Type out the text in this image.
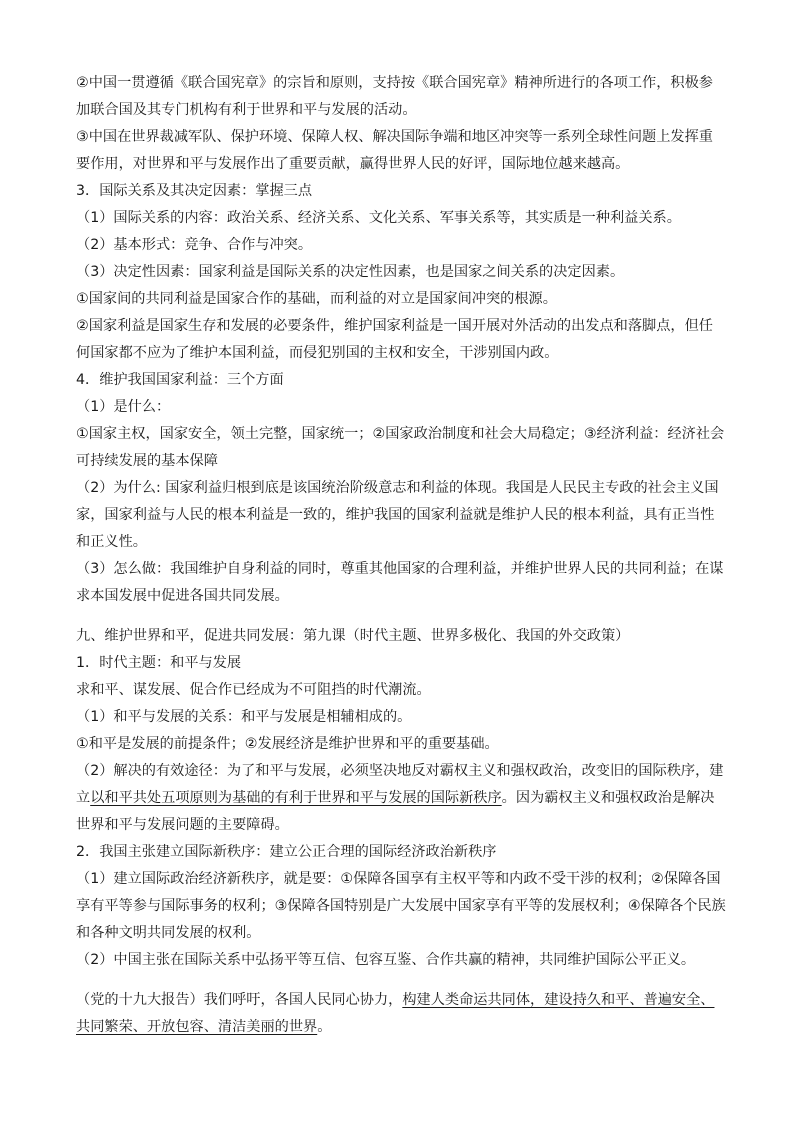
②中国一贯遵循《联合国宪章》的宗旨和原则，支持按《联合国宪章》精神所进行的各项工作，积极参加联合国及其专门机构有利于世界和平与发展的活动。

③中国在世界裁减军队、保护环境、保障人权、解决国际争端和地区冲突等一系列全球性问题上发挥重要作用，对世界和平与发展作出了重要贡献，赢得世界人民的好评，国际地位越来越高。

3．国际关系及其决定因素：掌握三点

（1）国际关系的内容：政治关系、经济关系、文化关系、军事关系等，其实质是一种利益关系。

（2）基本形式：竞争、合作与冲突。

（3）决定性因素：国家利益是国际关系的决定性因素，也是国家之间关系的决定因素。

①国家间的共同利益是国家合作的基础，而利益的对立是国家间冲突的根源。

②国家利益是国家生存和发展的必要条件，维护国家利益是一国开展对外活动的出发点和落脚点，但任何国家都不应为了维护本国利益，而侵犯别国的主权和安全，干涉别国内政。

4．维护我国国家利益：三个方面

（1）是什么：

①国家主权，国家安全，领土完整，国家统一；②国家政治制度和社会大局稳定；③经济利益：经济社会可持续发展的基本保障

（2）为什么: 国家利益归根到底是该国统治阶级意志和利益的体现。我国是人民民主专政的社会主义国家，国家利益与人民的根本利益是一致的，维护我国的国家利益就是维护人民的根本利益，具有正当性和正义性。

（3）怎么做：我国维护自身利益的同时，尊重其他国家的合理利益，并维护世界人民的共同利益；在谋求本国发展中促进各国共同发展。

九、维护世界和平，促进共同发展：第九课（时代主题、世界多极化、我国的外交政策）

1．时代主题：和平与发展

求和平、谋发展、促合作已经成为不可阻挡的时代潮流。

（1）和平与发展的关系：和平与发展是相辅相成的。

①和平是发展的前提条件；②发展经济是维护世界和平的重要基础。

（2）解决的有效途径：为了和平与发展，必须坚决地反对霸权主义和强权政治，改变旧的国际秩序，建立以和平共处五项原则为基础的有利于世界和平与发展的国际新秩序。因为霸权主义和强权政治是解决世界和平与发展问题的主要障碍。

2．我国主张建立国际新秩序：建立公正合理的国际经济政治新秩序

（1）建立国际政治经济新秩序，就是要：①保障各国享有主权平等和内政不受干涉的权利；②保障各国享有平等参与国际事务的权利；③保障各国特别是广大发展中国家享有平等的发展权利；④保障各个民族和各种文明共同发展的权利。

（2）中国主张在国际关系中弘扬平等互信、包容互鉴、合作共赢的精神，共同维护国际公平正义。

（党的十九大报告）我们呼吁，各国人民同心协力，构建人类命运共同体，建设持久和平、普遍安全、共同繁荣、开放包容、清洁美丽的世界。
